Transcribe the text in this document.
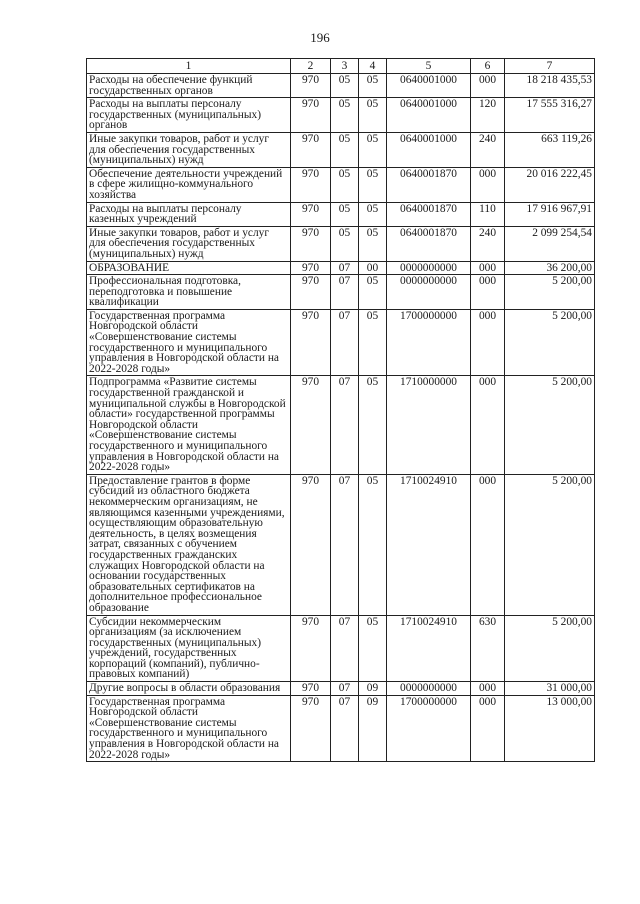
196
1	2	3	4	5	6	7
Расходы на обеспечение функций государственных органов	970	05	05	0640001000	000	18 218 435,53
Расходы на выплаты персоналу государственных (муниципальных) органов	970	05	05	0640001000	120	17 555 316,27
Иные закупки товаров, работ и услуг для обеспечения государственных (муниципальных) нужд	970	05	05	0640001000	240	663 119,26
Обеспечение деятельности учреждений в сфере жилищно-коммунального хозяйства	970	05	05	0640001870	000	20 016 222,45
Расходы на выплаты персоналу казенных учреждений	970	05	05	0640001870	110	17 916 967,91
Иные закупки товаров, работ и услуг для обеспечения государственных (муниципальных) нужд	970	05	05	0640001870	240	2 099 254,54
ОБРАЗОВАНИЕ	970	07	00	0000000000	000	36 200,00
Профессиональная подготовка, переподготовка и повышение квалификации	970	07	05	0000000000	000	5 200,00
Государственная программа Новгородской области «Совершенствование системы государственного и муниципального управления в Новгородской области на 2022-2028 годы»	970	07	05	1700000000	000	5 200,00
Подпрограмма «Развитие системы государственной гражданской и муниципальной службы в Новгородской области» государственной программы Новгородской области «Совершенствование системы государственного и муниципального управления в Новгородской области на 2022-2028 годы»	970	07	05	1710000000	000	5 200,00
Предоставление грантов в форме субсидий из областного бюджета некоммерческим организациям, не являющимся казенными учреждениями, осуществляющим образовательную деятельность, в целях возмещения затрат, связанных с обучением государственных гражданских служащих Новгородской области на основании государственных образовательных сертификатов на дополнительное профессиональное образование	970	07	05	1710024910	000	5 200,00
Субсидии некоммерческим организациям (за исключением государственных (муниципальных) учреждений, государственных корпораций (компаний), публично-правовых компаний)	970	07	05	1710024910	630	5 200,00
Другие вопросы в области образования	970	07	09	0000000000	000	31 000,00
Государственная программа Новгородской области «Совершенствование системы государственного и муниципального управления в Новгородской области на 2022-2028 годы»	970	07	09	1700000000	000	13 000,00
